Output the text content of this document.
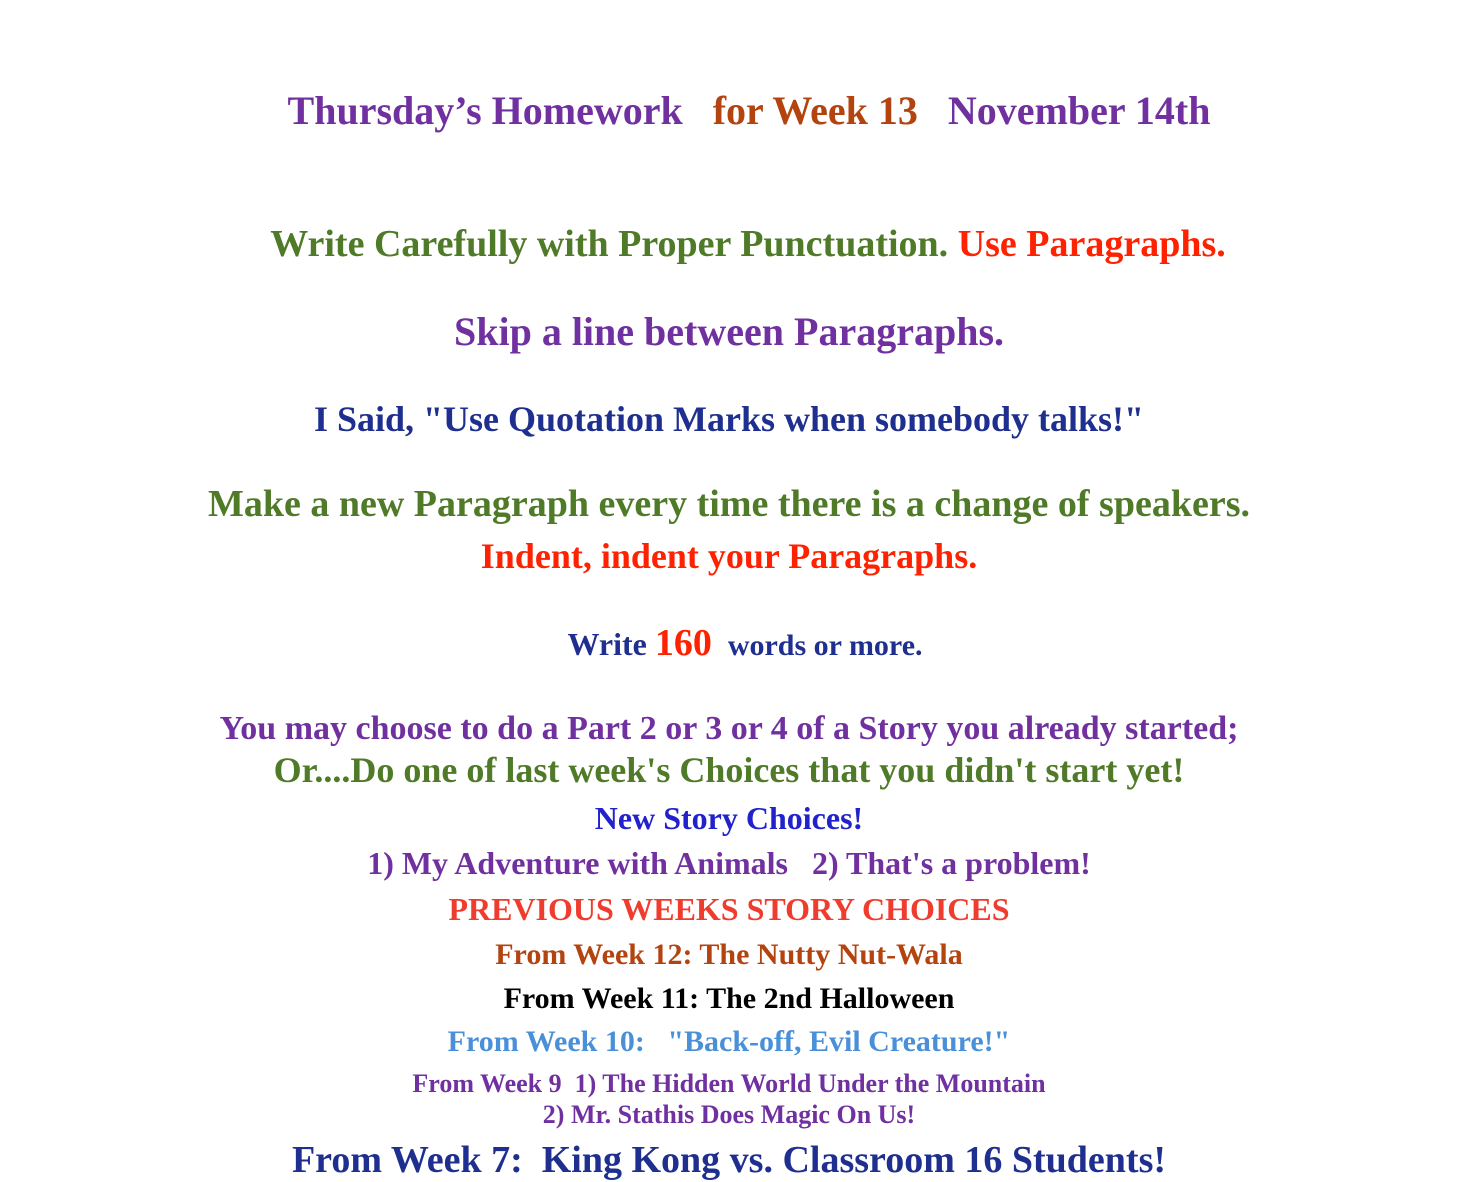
Thursday’s Homework for Week 13 November 14th

Write Carefully with Proper Punctuation. Use Paragraphs.

Skip a line between Paragraphs.
I Said, "Use Quotation Marks when somebody talks!"
Make a new Paragraph every time there is a change of speakers.
Indent, indent your Paragraphs.

Write 160 words or more.

You may choose to do a Part 2 or 3 or 4 of a Story you already started;
Or....Do one of last week's Choices that you didn't start yet!
New Story Choices!
1) My Adventure with Animals   2) That's a problem!
PREVIOUS WEEKS STORY CHOICES
From Week 12: The Nutty Nut-Wala
From Week 11: The 2nd Halloween
From Week 10:   "Back-off, Evil Creature!"
From Week 9  1) The Hidden World Under the Mountain
2) Mr. Stathis Does Magic On Us!
From Week 7:  King Kong vs. Classroom 16 Students!
